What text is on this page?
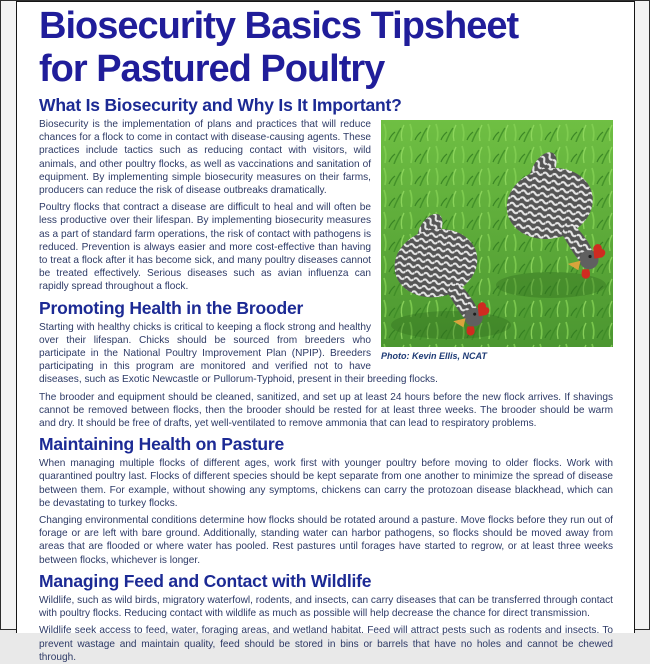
Biosecurity Basics Tipsheet
for Pastured Poultry
What Is Biosecurity and Why Is It Important?
Photo: Kevin Ellis, NCAT

Biosecurity is the implementation of plans and practices that will reduce chances for a flock to come in contact with disease-causing agents. These practices include tactics such as reducing contact with visitors, wild animals, and other poultry flocks, as well as vaccinations and sanitation of equipment. By implementing simple biosecurity measures on their farms, producers can reduce the risk of disease outbreaks dramatically.

Poultry flocks that contract a disease are difficult to heal and will often be less productive over their lifespan. By implementing biosecurity measures as a part of standard farm operations, the risk of contact with pathogens is reduced. Prevention is always easier and more cost-effective than having to treat a flock after it has become sick, and many poultry diseases cannot be treated effectively. Serious diseases such as avian influenza can rapidly spread throughout a flock.

Promoting Health in the Brooder

Starting with healthy chicks is critical to keeping a flock strong and healthy over their lifespan. Chicks should be sourced from breeders who participate in the National Poultry Improvement Plan (NPIP). Breeders participating in this program are monitored and verified not to have diseases, such as Exotic Newcastle or Pullorum-Typhoid, present in their breeding flocks.

The brooder and equipment should be cleaned, sanitized, and set up at least 24 hours before the new flock arrives. If shavings cannot be removed between flocks, then the brooder should be rested for at least three weeks. The brooder should be warm and dry. It should be free of drafts, yet well-ventilated to remove ammonia that can lead to respiratory problems.

Maintaining Health on Pasture

When managing multiple flocks of different ages, work first with younger poultry before moving to older flocks. Work with quarantined poultry last. Flocks of different species should be kept separate from one another to minimize the spread of disease between them. For example, without showing any symptoms, chickens can carry the protozoan disease blackhead, which can be devastating to turkey flocks.

Changing environmental conditions determine how flocks should be rotated around a pasture. Move flocks before they run out of forage or are left with bare ground. Additionally, standing water can harbor pathogens, so flocks should be moved away from areas that are flooded or where water has pooled. Rest pastures until forages have started to regrow, or at least three weeks between flocks, whichever is longer.

Managing Feed and Contact with Wildlife

Wildlife, such as wild birds, migratory waterfowl, rodents, and insects, can carry diseases that can be transferred through contact with poultry flocks. Reducing contact with wildlife as much as possible will help decrease the chance for direct transmission.

Wildlife seek access to feed, water, foraging areas, and wetland habitat. Feed will attract pests such as rodents and insects. To prevent wastage and maintain quality, feed should be stored in bins or barrels that have no holes and cannot be chewed through.
